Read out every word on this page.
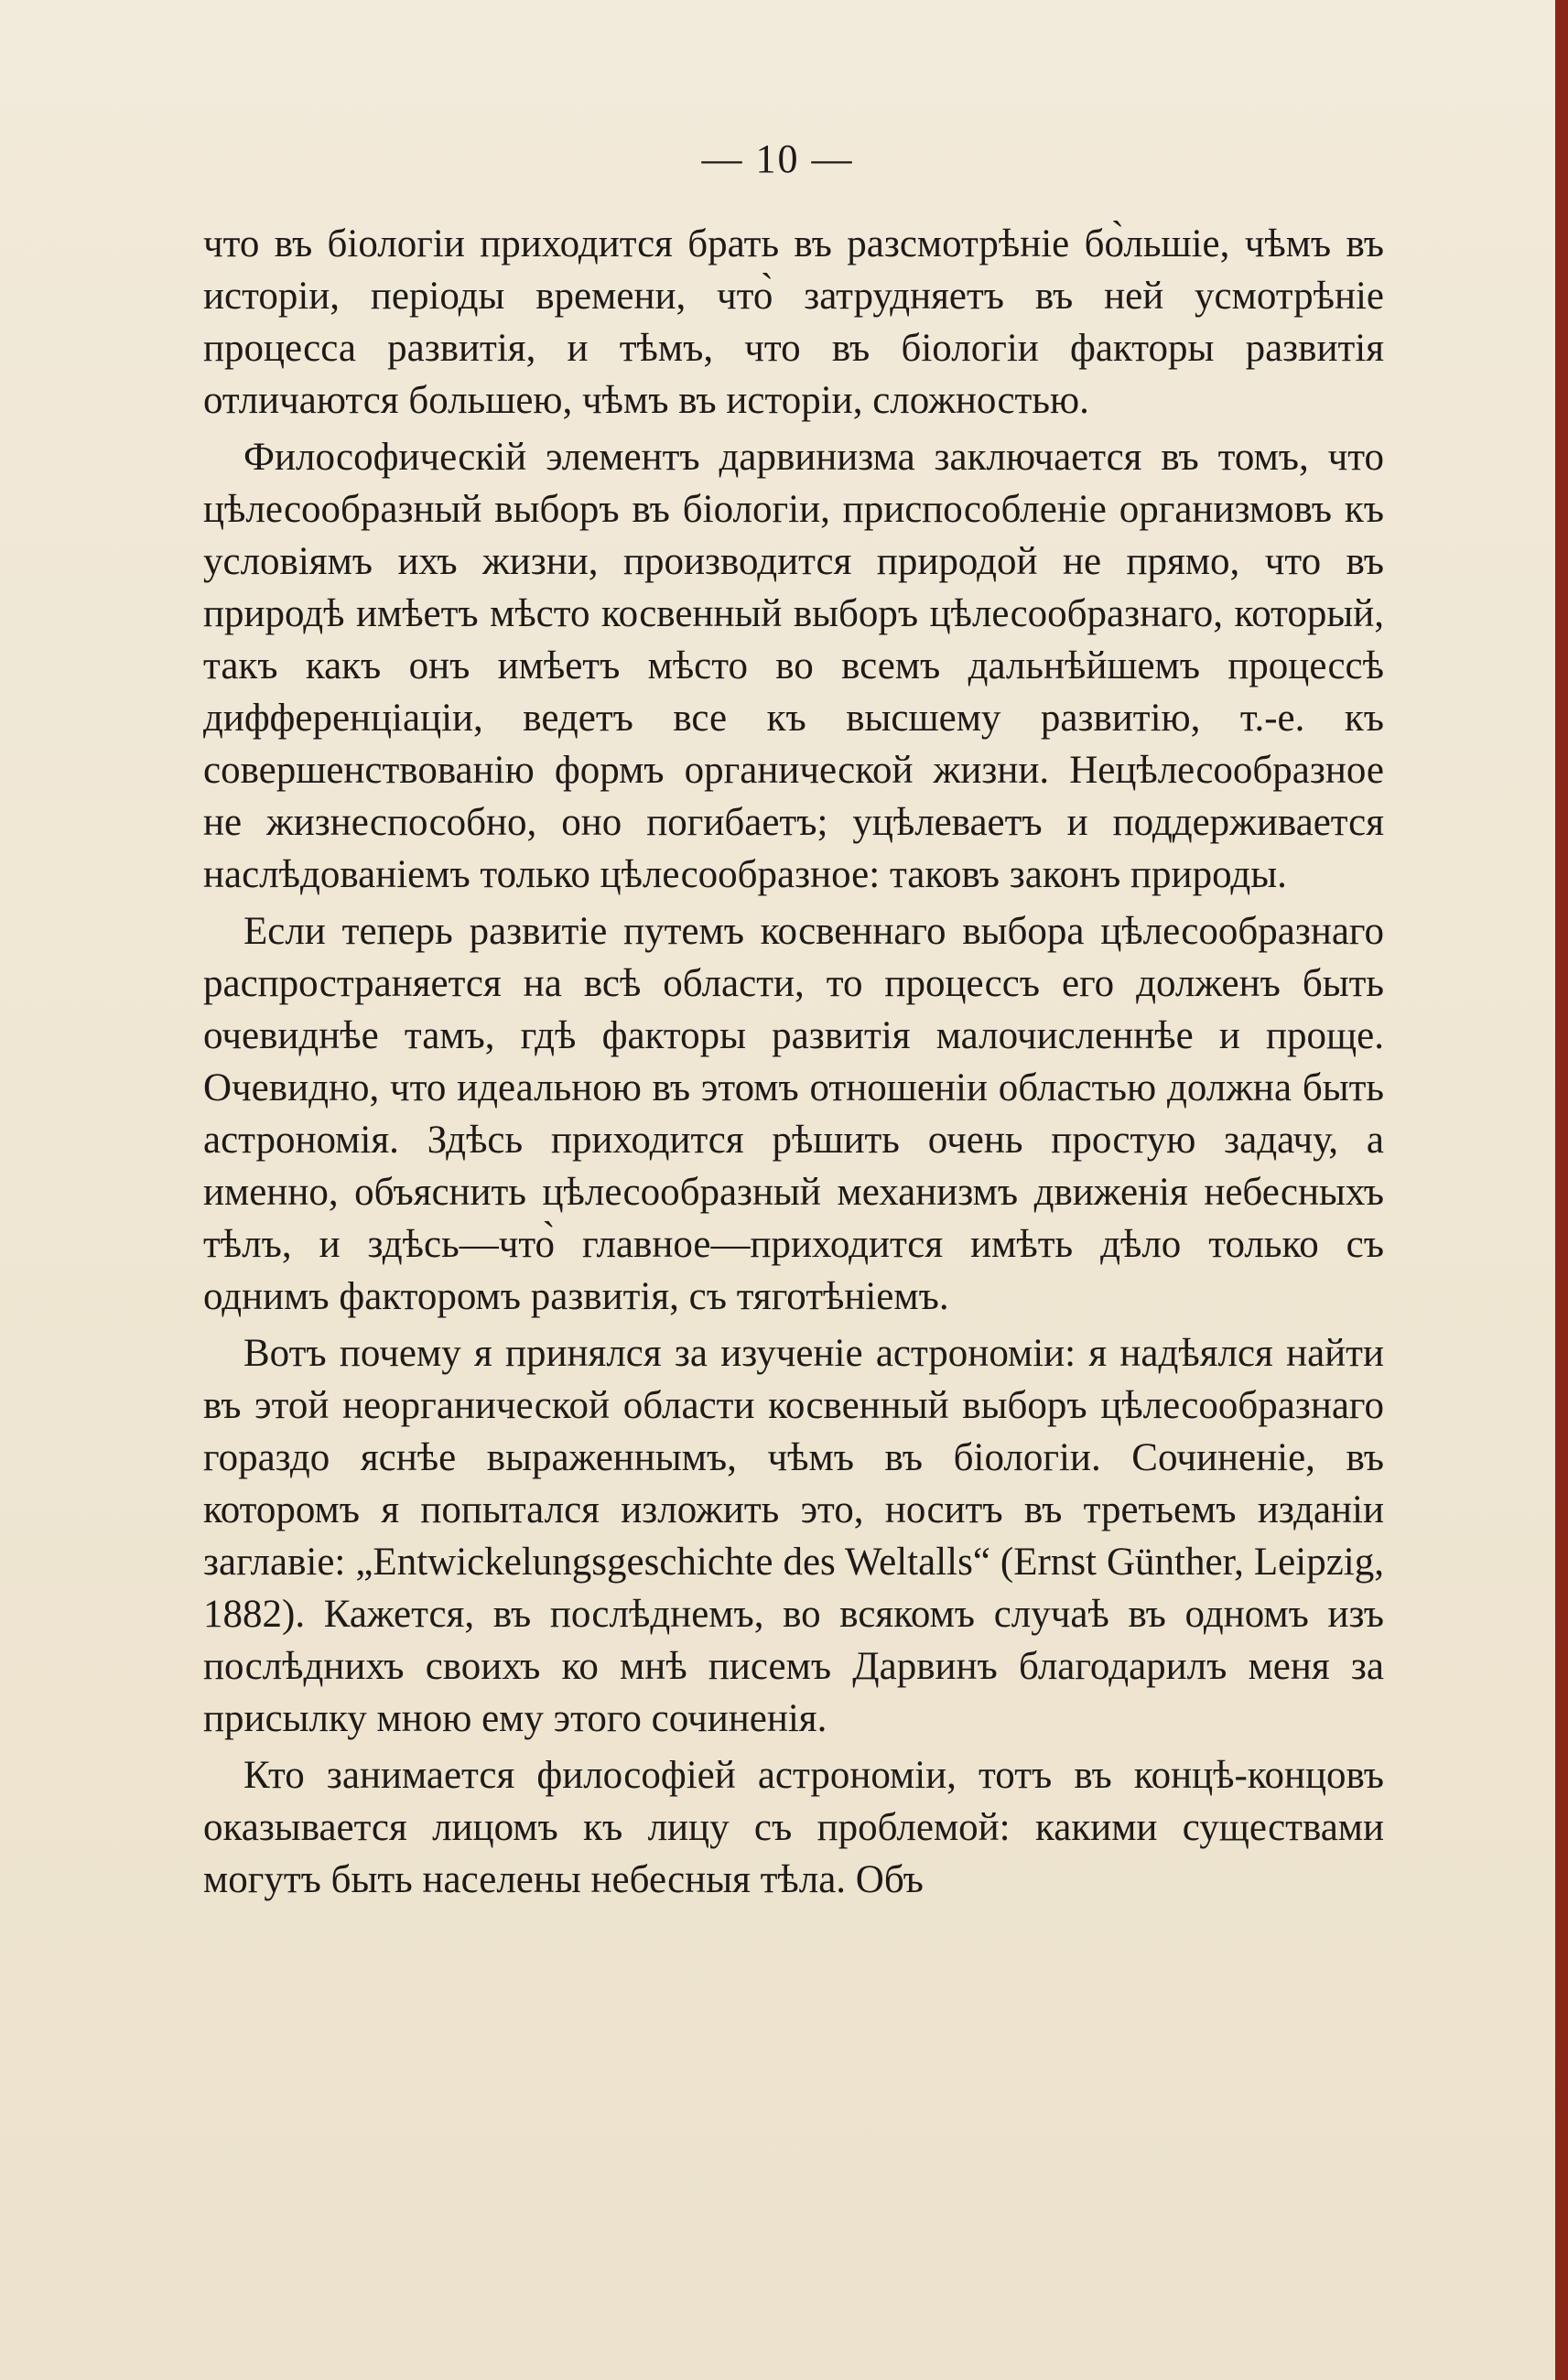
— 10 —

что въ біологіи приходится брать въ разсмотрѣніе бо̀льшіе, чѣмъ въ исторіи, періоды времени, что̀ затрудняетъ въ ней усмотрѣніе процесса развитія, и тѣмъ, что въ біологіи факторы развитія отличаются большею, чѣмъ въ исторіи, сложностью.

Философическій элементъ дарвинизма заключается въ томъ, что цѣлесообразный выборъ въ біологіи, приспособленіе организмовъ къ условіямъ ихъ жизни, производится природой не прямо, что въ природѣ имѣетъ мѣсто косвенный выборъ цѣлесообразнаго, который, такъ какъ онъ имѣетъ мѣсто во всемъ дальнѣйшемъ процессѣ дифференціаціи, ведетъ все къ высшему развитію, т.-е. къ совершенствованію формъ органической жизни. Нецѣлесообразное не жизнеспособно, оно погибаетъ; уцѣлеваетъ и поддерживается наслѣдованіемъ только цѣлесообразное: таковъ законъ природы.

Если теперь развитіе путемъ косвеннаго выбора цѣлесообразнаго распространяется на всѣ области, то процессъ его долженъ быть очевиднѣе тамъ, гдѣ факторы развитія малочисленнѣе и проще. Очевидно, что идеальною въ этомъ отношеніи областью должна быть астрономія. Здѣсь приходится рѣшить очень простую задачу, а именно, объяснить цѣлесообразный механизмъ движенія небесныхъ тѣлъ, и здѣсь—что̀ главное—приходится имѣть дѣло только съ однимъ факторомъ развитія, съ тяготѣніемъ.

Вотъ почему я принялся за изученіе астрономіи: я надѣялся найти въ этой неорганической области косвенный выборъ цѣлесообразнаго гораздо яснѣе выраженнымъ, чѣмъ въ біологіи. Сочиненіе, въ которомъ я попытался изложить это, носитъ въ третьемъ изданіи заглавіе: „Entwickelungsgeschichte des Weltalls“ (Ernst Günther, Leipzig, 1882). Кажется, въ послѣднемъ, во всякомъ случаѣ въ одномъ изъ послѣднихъ своихъ ко мнѣ писемъ Дарвинъ благодарилъ меня за присылку мною ему этого сочиненія.

Кто занимается философіей астрономіи, тотъ въ концѣ-концовъ оказывается лицомъ къ лицу съ проблемой: какими существами могутъ быть населены небесныя тѣла. Объ
